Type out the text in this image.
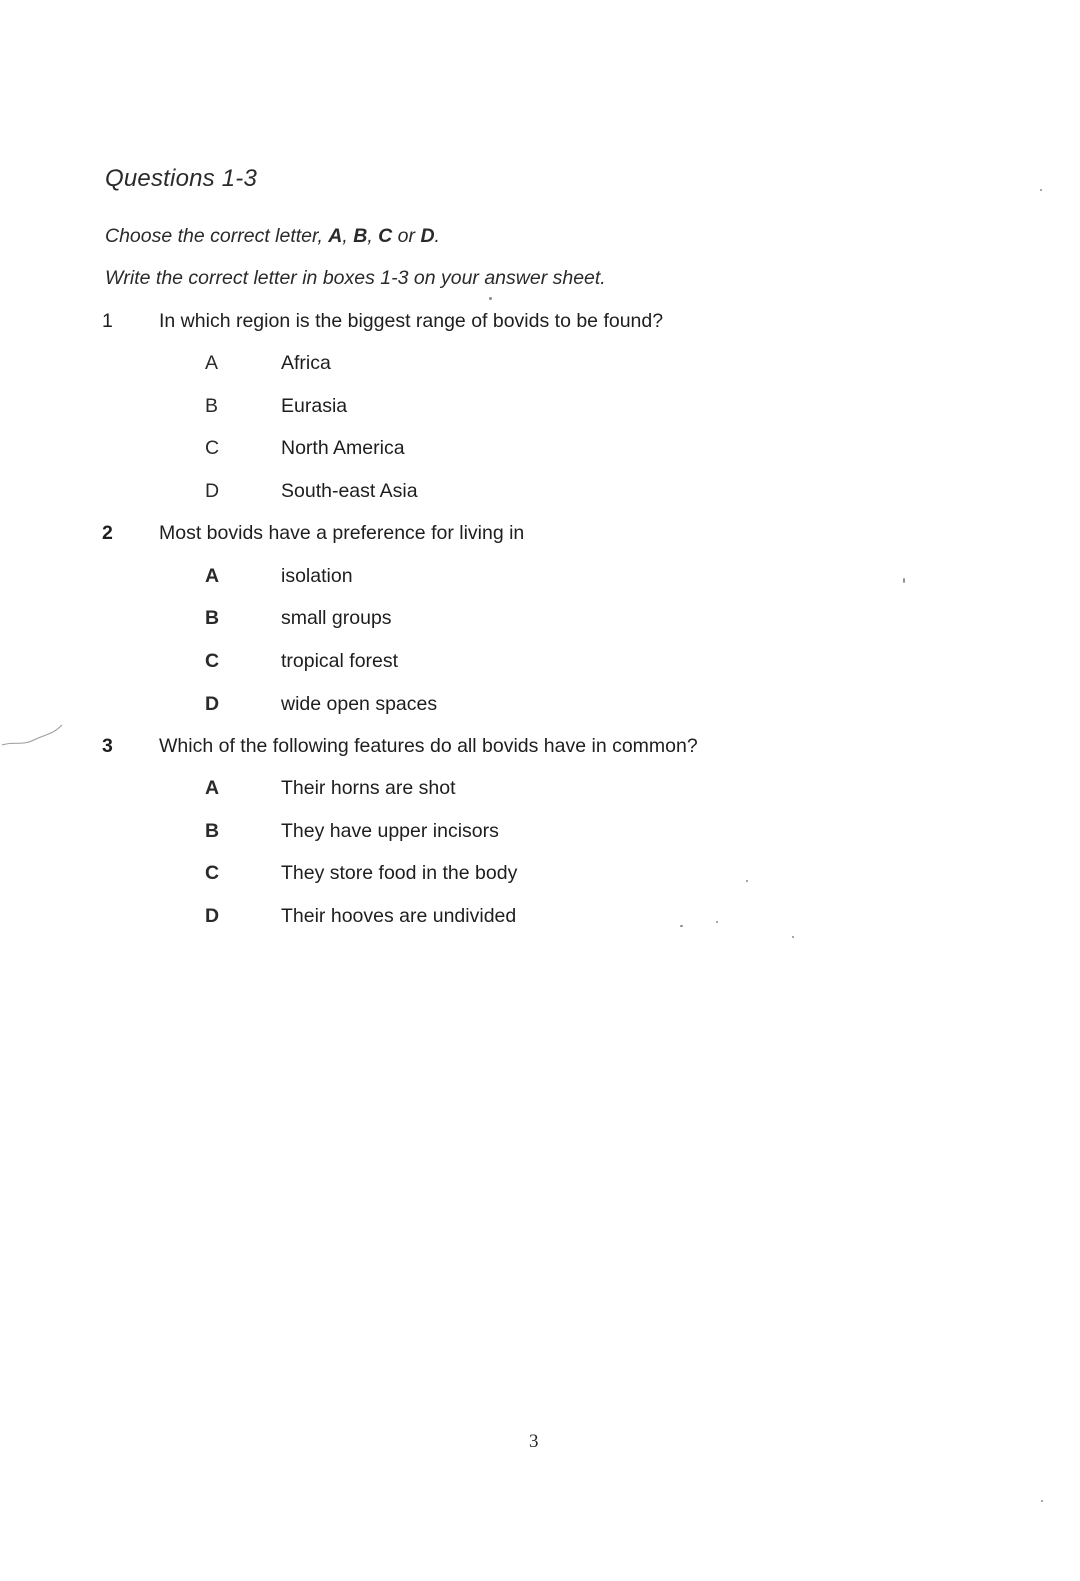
Questions 1-3
Choose the correct letter, A, B, C or D.
Write the correct letter in boxes 1-3 on your answer sheet.
1 In which region is the biggest range of bovids to be found?
A	Africa
B	Eurasia
C	North America
D	South-east Asia
2 Most bovids have a preference for living in
A	isolation
B	small groups
C	tropical forest
D	wide open spaces
3 Which of the following features do all bovids have in common?
A	Their horns are shot
B	They have upper incisors
C	They store food in the body
D	Their hooves are undivided
3
